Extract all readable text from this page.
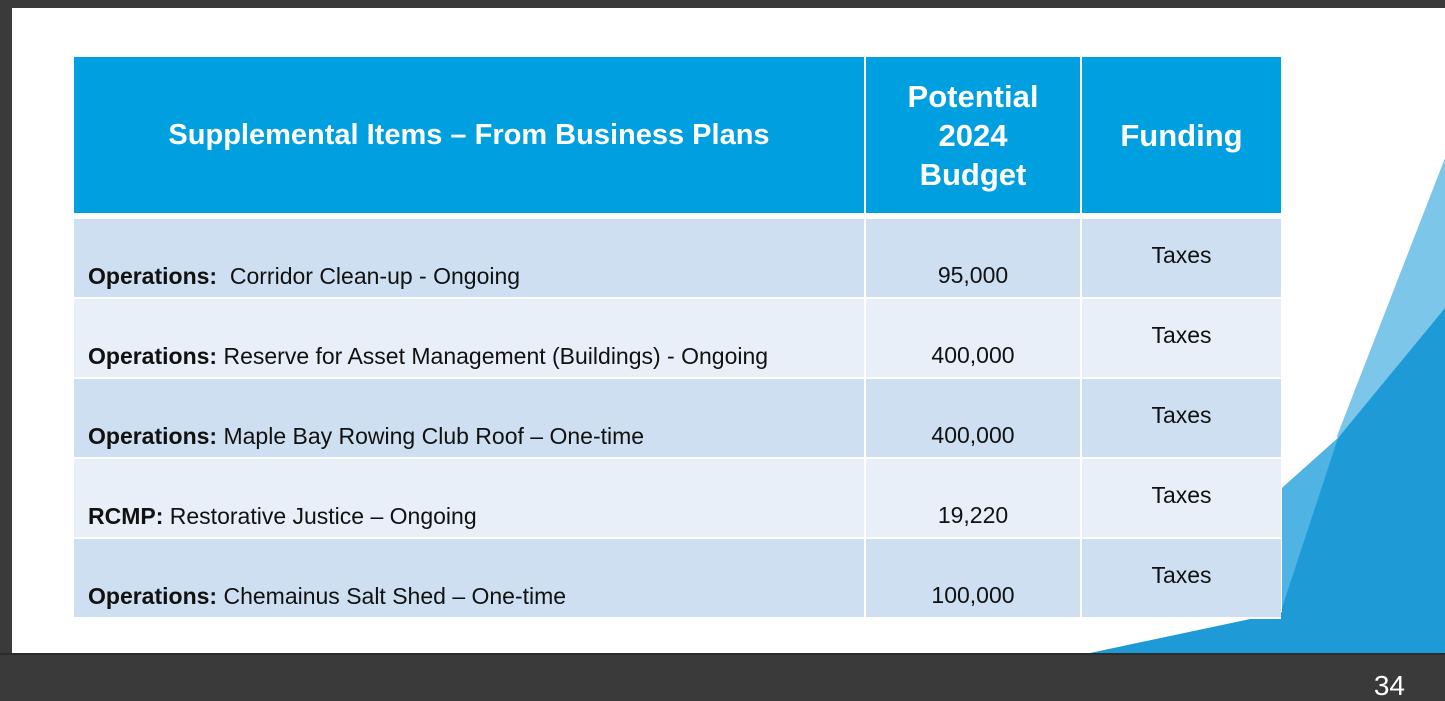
Supplemental Items – From Business Plans	Potential
2024
Budget	Funding
Operations:  Corridor Clean-up - Ongoing	95,000	Taxes
Operations: Reserve for Asset Management (Buildings) - Ongoing	400,000	Taxes
Operations: Maple Bay Rowing Club Roof – One-time	400,000	Taxes
RCMP: Restorative Justice – Ongoing	19,220	Taxes
Operations: Chemainus Salt Shed – One-time	100,000	Taxes
34
